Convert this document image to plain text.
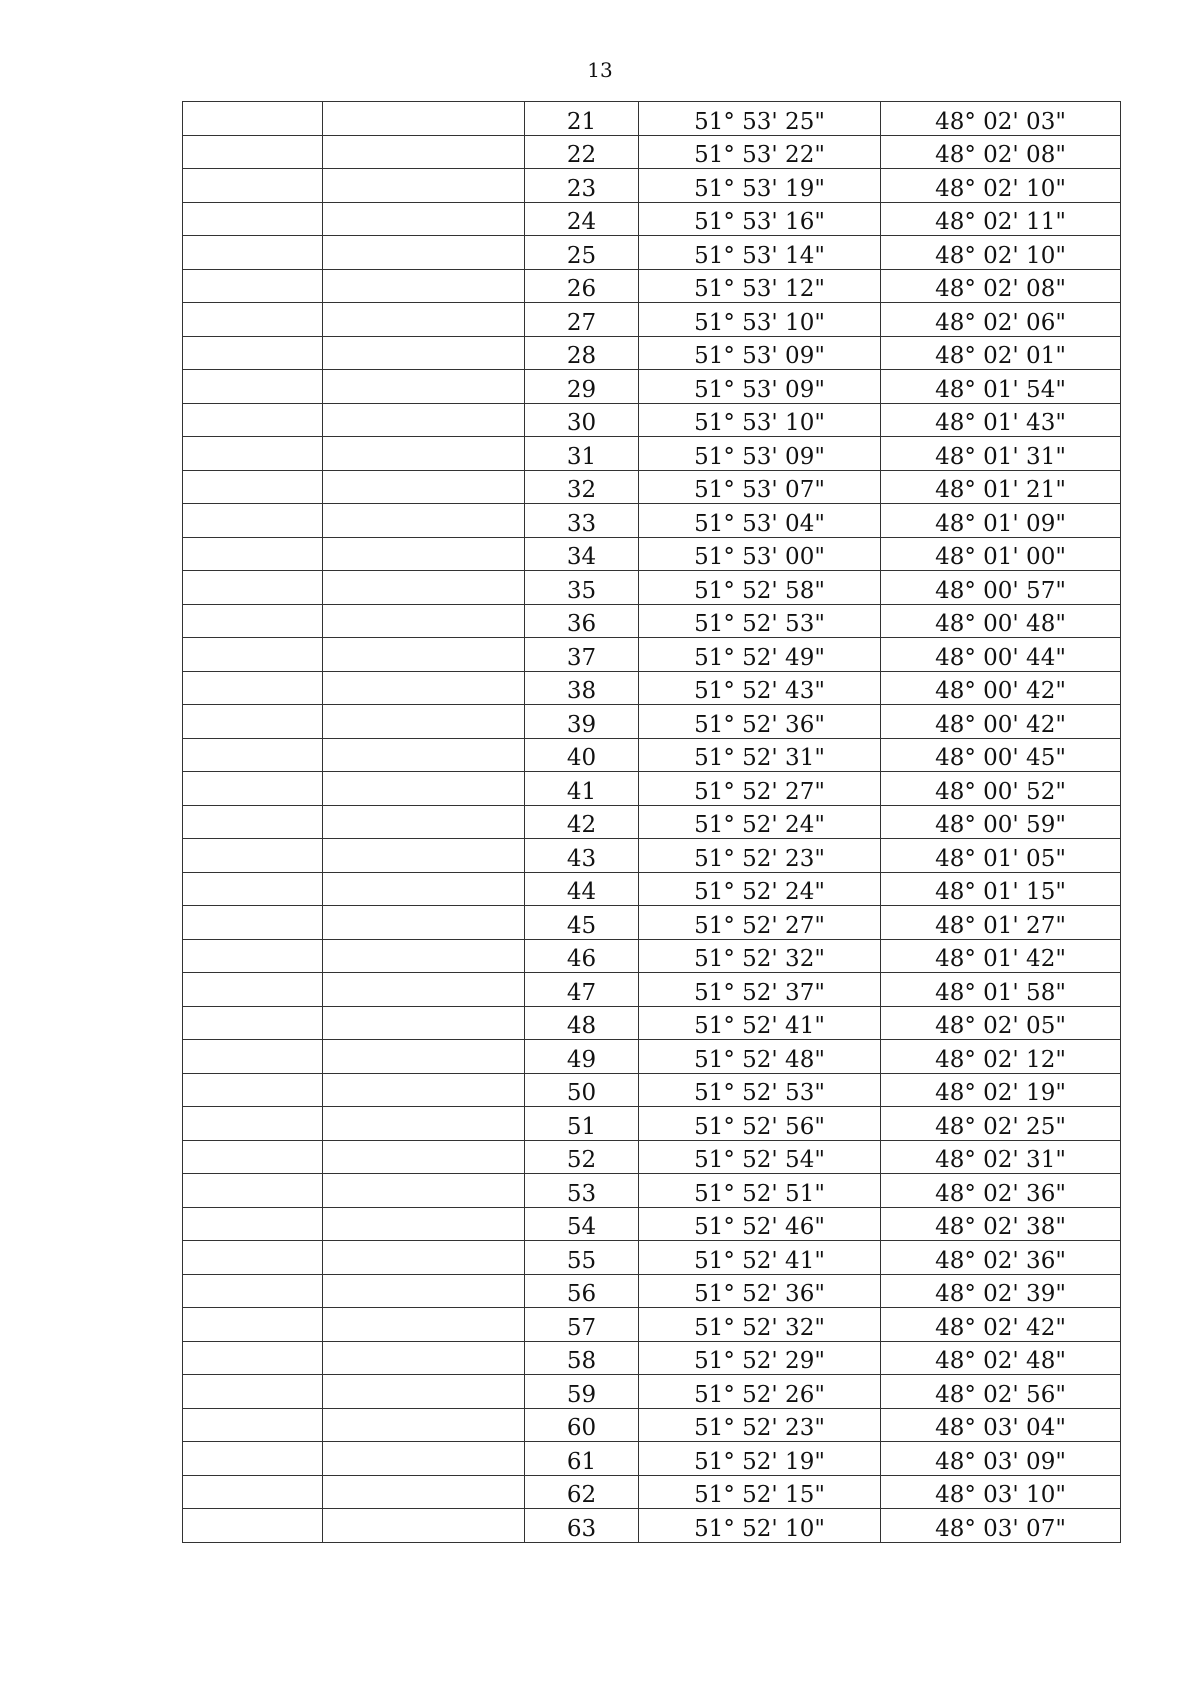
13
		21	51° 53' 25"	48° 02' 03"
		22	51° 53' 22"	48° 02' 08"
		23	51° 53' 19"	48° 02' 10"
		24	51° 53' 16"	48° 02' 11"
		25	51° 53' 14"	48° 02' 10"
		26	51° 53' 12"	48° 02' 08"
		27	51° 53' 10"	48° 02' 06"
		28	51° 53' 09"	48° 02' 01"
		29	51° 53' 09"	48° 01' 54"
		30	51° 53' 10"	48° 01' 43"
		31	51° 53' 09"	48° 01' 31"
		32	51° 53' 07"	48° 01' 21"
		33	51° 53' 04"	48° 01' 09"
		34	51° 53' 00"	48° 01' 00"
		35	51° 52' 58"	48° 00' 57"
		36	51° 52' 53"	48° 00' 48"
		37	51° 52' 49"	48° 00' 44"
		38	51° 52' 43"	48° 00' 42"
		39	51° 52' 36"	48° 00' 42"
		40	51° 52' 31"	48° 00' 45"
		41	51° 52' 27"	48° 00' 52"
		42	51° 52' 24"	48° 00' 59"
		43	51° 52' 23"	48° 01' 05"
		44	51° 52' 24"	48° 01' 15"
		45	51° 52' 27"	48° 01' 27"
		46	51° 52' 32"	48° 01' 42"
		47	51° 52' 37"	48° 01' 58"
		48	51° 52' 41"	48° 02' 05"
		49	51° 52' 48"	48° 02' 12"
		50	51° 52' 53"	48° 02' 19"
		51	51° 52' 56"	48° 02' 25"
		52	51° 52' 54"	48° 02' 31"
		53	51° 52' 51"	48° 02' 36"
		54	51° 52' 46"	48° 02' 38"
		55	51° 52' 41"	48° 02' 36"
		56	51° 52' 36"	48° 02' 39"
		57	51° 52' 32"	48° 02' 42"
		58	51° 52' 29"	48° 02' 48"
		59	51° 52' 26"	48° 02' 56"
		60	51° 52' 23"	48° 03' 04"
		61	51° 52' 19"	48° 03' 09"
		62	51° 52' 15"	48° 03' 10"
		63	51° 52' 10"	48° 03' 07"
